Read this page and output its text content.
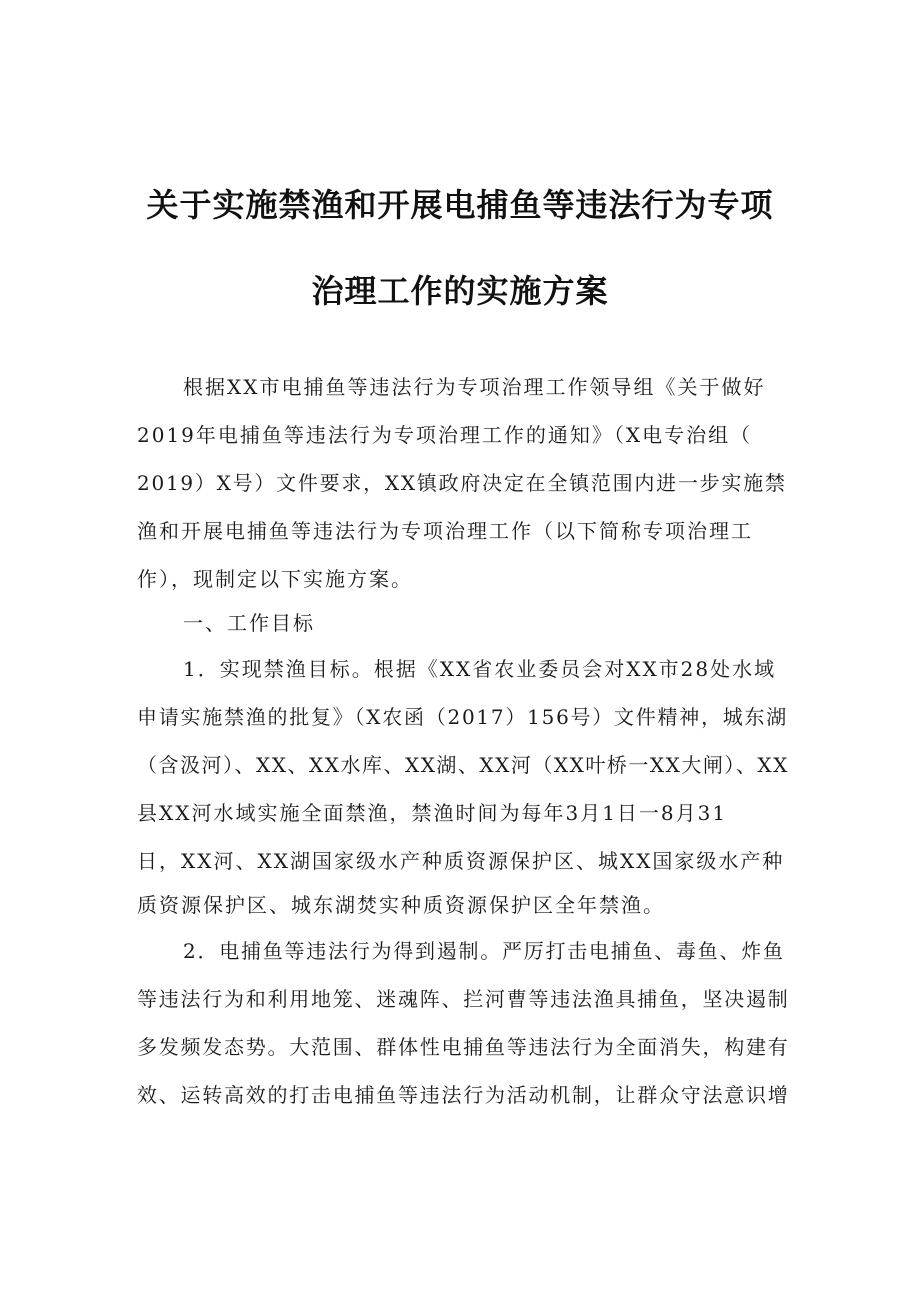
关于实施禁渔和开展电捕鱼等违法行为专项
治理工作的实施方案

根据XX市电捕鱼等违法行为专项治理工作领导组《关于做好

2019年电捕鱼等违法行为专项治理工作的通知》（X电专治组（

2019）X号）文件要求，XX镇政府决定在全镇范围内进一步实施禁

渔和开展电捕鱼等违法行为专项治理工作（以下简称专项治理工

作），现制定以下实施方案。

一、工作目标

1．实现禁渔目标。根据《XX省农业委员会对XX市28处水域

申请实施禁渔的批复》（X农函（2017）156号）文件精神，城东湖

（含汲河）、XX、XX水库、XX湖、XX河（XX叶桥一XX大闸）、XX

县XX河水域实施全面禁渔，禁渔时间为每年3月1日一8月31

日，XX河、XX湖国家级水产种质资源保护区、城XX国家级水产种

质资源保护区、城东湖焚实种质资源保护区全年禁渔。

2．电捕鱼等违法行为得到遏制。严厉打击电捕鱼、毒鱼、炸鱼

等违法行为和利用地笼、迷魂阵、拦河曹等违法渔具捕鱼，坚决遏制

多发频发态势。大范围、群体性电捕鱼等违法行为全面消失，构建有

效、运转高效的打击电捕鱼等违法行为活动机制，让群众守法意识增
